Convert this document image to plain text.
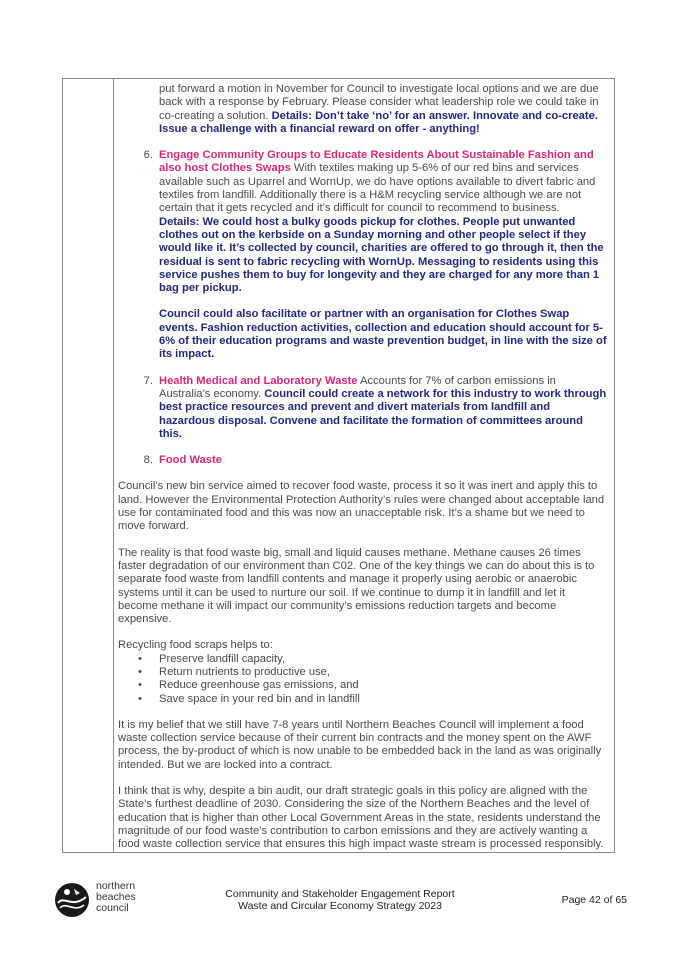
put forward a motion in November for Council to investigate local options and we are due back with a response by February. Please consider what leadership role we could take in co-creating a solution. Details: Don’t take ‘no’ for an answer. Innovate and co-create. Issue a challenge with a financial reward on offer - anything!

6. Engage Community Groups to Educate Residents About Sustainable Fashion and also host Clothes Swaps With textiles making up 5-6% of our red bins and services available such as Uparrel and WornUp, we do have options available to divert fabric and textiles from landfill. Additionally there is a H&M recycling service although we are not certain that it gets recycled and it’s difficult for council to recommend to business.
Details: We could host a bulky goods pickup for clothes. People put unwanted clothes out on the kerbside on a Sunday morning and other people select if they would like it. It’s collected by council, charities are offered to go through it, then the residual is sent to fabric recycling with WornUp. Messaging to residents using this service pushes them to buy for longevity and they are charged for any more than 1 bag per pickup.

Council could also facilitate or partner with an organisation for Clothes Swap events. Fashion reduction activities, collection and education should account for 5-6% of their education programs and waste prevention budget, in line with the size of its impact.

7. Health Medical and Laboratory Waste Accounts for 7% of carbon emissions in Australia’s economy. Council could create a network for this industry to work through best practice resources and prevent and divert materials from landfill and hazardous disposal. Convene and facilitate the formation of committees around this.

8. Food Waste

Council’s new bin service aimed to recover food waste, process it so it was inert and apply this to land. However the Environmental Protection Authority’s rules were changed about acceptable land use for contaminated food and this was now an unacceptable risk. It’s a shame but we need to move forward.

The reality is that food waste big, small and liquid causes methane. Methane causes 26 times faster degradation of our environment than C02. One of the key things we can do about this is to separate food waste from landfill contents and manage it properly using aerobic or anaerobic systems until it can be used to nurture our soil. If we continue to dump it in landfill and let it become methane it will impact our community’s emissions reduction targets and become expensive.

Recycling food scraps helps to:

• Preserve landfill capacity,
• Return nutrients to productive use,
• Reduce greenhouse gas emissions, and
• Save space in your red bin and in landfill

It is my belief that we still have 7-8 years until Northern Beaches Council will implement a food waste collection service because of their current bin contracts and the money spent on the AWF process, the by-product of which is now unable to be embedded back in the land as was originally intended. But we are locked into a contract.

I think that is why, despite a bin audit, our draft strategic goals in this policy are aligned with the State’s furthest deadline of 2030. Considering the size of the Northern Beaches and the level of education that is higher than other Local Government Areas in the state, residents understand the magnitude of our food waste’s contribution to carbon emissions and they are actively wanting a food waste collection service that ensures this high impact waste stream is processed responsibly.

northern
beaches
council
Community and Stakeholder Engagement Report
Waste and Circular Economy Strategy 2023	Page 42 of 65
